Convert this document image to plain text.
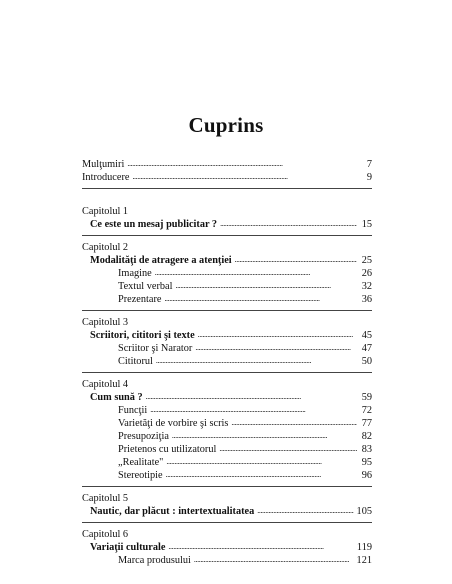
Cuprins
Mulţumiri . . .	7
Introducere . . .	9
Capitolul 1
Ce este un mesaj publicitar ? . . .	15
Capitolul 2
Modalităţi de atragere a atenţiei . . .	25
Imagine . . .	26
Textul verbal . . .	32
Prezentare . . .	36
Capitolul 3
Scriitori, cititori şi texte . . .	45
Scriitor şi Narator . . .	47
Cititorul . . .	50
Capitolul 4
Cum sună ? . . .	59
Funcţii . . .	72
Varietăţi de vorbire şi scris . . .	77
Presupoziţia . . .	82
Prietenos cu utilizatorul . . .	83
„Realitate" . . .	95
Stereotipie . . .	96
Capitolul 5
Nautic, dar plăcut : intertextualitatea . . .	105
Capitolul 6
Variaţii culturale . . .	119
Marca produsului . . .	121
